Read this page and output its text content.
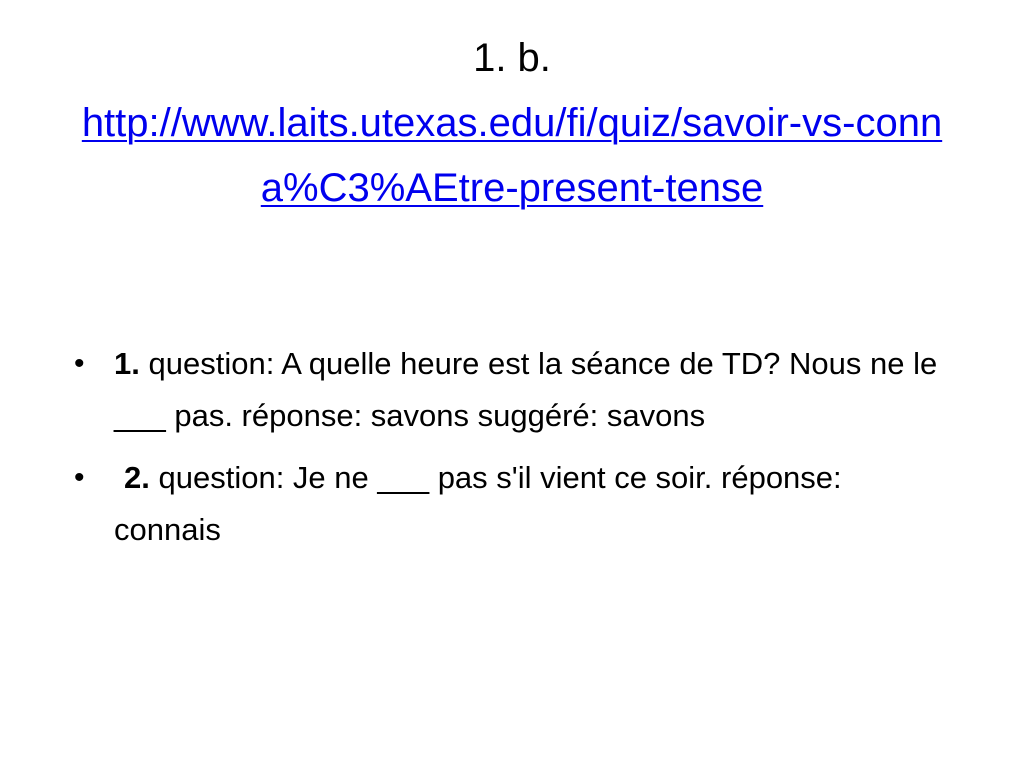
1. b.
http://www.laits.utexas.edu/fi/quiz/savoir-vs-conna%C3%AEtre-present-tense
• 1. question: A quelle heure est la séance de TD? Nous ne le ___ pas. réponse: savons suggéré: savons
• 2. question: Je ne ___ pas s'il vient ce soir. réponse: connais
